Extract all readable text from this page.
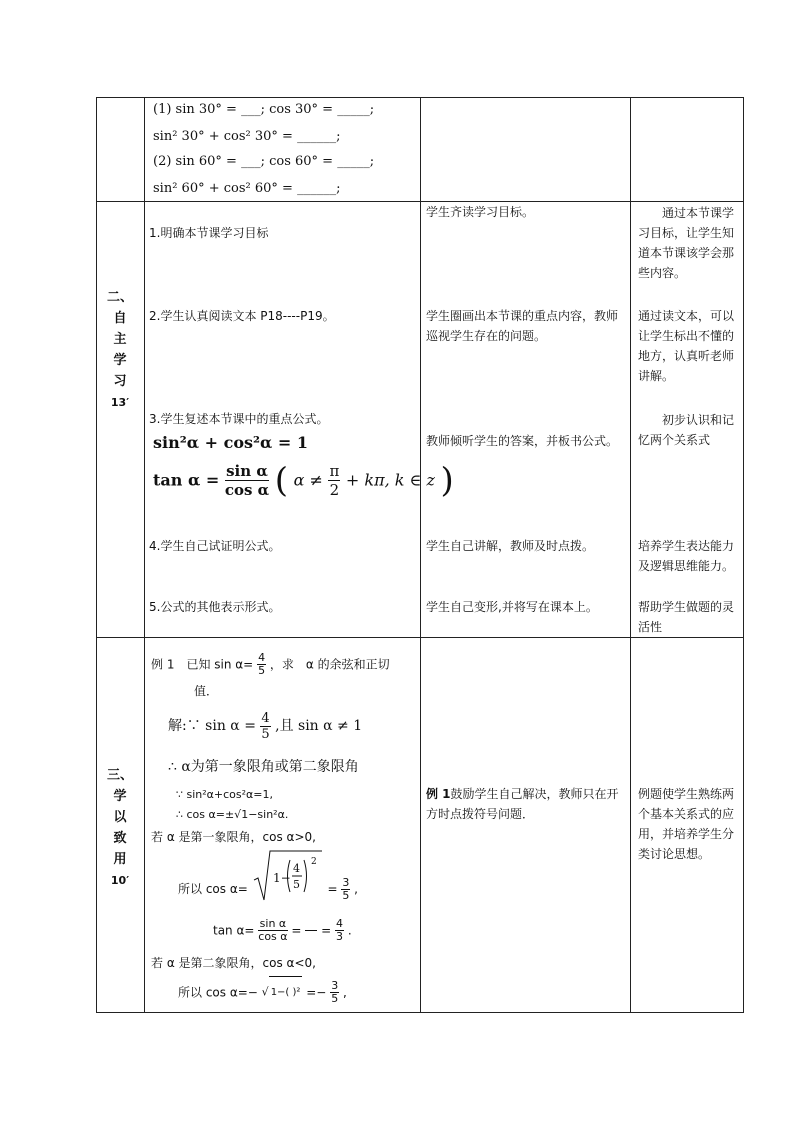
(1) sin 30° = ___; cos 30° = _____;
sin² 30° + cos² 30° = ______;
(2) sin 60° = ___; cos 60° = _____;
sin² 60° + cos² 60° = ______;
二、
自
主
学
习
13′
1.明确本节课学习目标
2.学生认真阅读文本 P18----P19。
3.学生复述本节课中的重点公式。
sin²α + cos²α = 1
$\tan \alpha = \frac{\text{sin α}}{\text{cos α}}$ ( $\alpha \ne \frac{\pi}{2} + k\pi$, k ∈ z )
4.学生自己试证明公式。
5.公式的其他表示形式。
学生齐读学习目标。
学生圈画出本节课的重点内容，教师巡视学生存在的问题。
教师倾听学生的答案，并板书公式。
学生自己讲解，教师及时点拨。
学生自己变形,并将写在课本上。
通过本节课学习目标，让学生知道本节课该学会那些内容。
通过读文本，可以让学生标出不懂的地方，认真听老师讲解。
初步认识和记忆两个关系式
培养学生表达能力及逻辑思维能力。
帮助学生做题的灵活性
三、
学
以
致
用
10′
例 1　已知 $\sin \alpha= \frac{4}{5}$ ，求　α 的余弦和正切
值．
解:∵ $\sin \alpha = \frac{4}{5}$ ,且 sin α ≠ 1
∴ α为第一象限角或第二象限角
∵ sin²α+cos²α=1,
∴ cos α=±√1−sin²α.
若 α 是第一象限角，cos α>0,
所以 cos α=
1−
4
5
2
= $\frac{3}{5}$ ,
$\tan \alpha= \frac{\text{sin α}}{\text{cos α}}$ =

= $\frac{4}{3}$ .
若 α 是第二象限角，cos α<0,
所以 cos α=− √ 1−( )$^2 =- \frac{3}{5}$ ,
例 1鼓励学生自己解决，教师只在开方时点拨符号问题．
例题使学生熟练两个基本关系式的应用，并培养学生分类讨论思想。
